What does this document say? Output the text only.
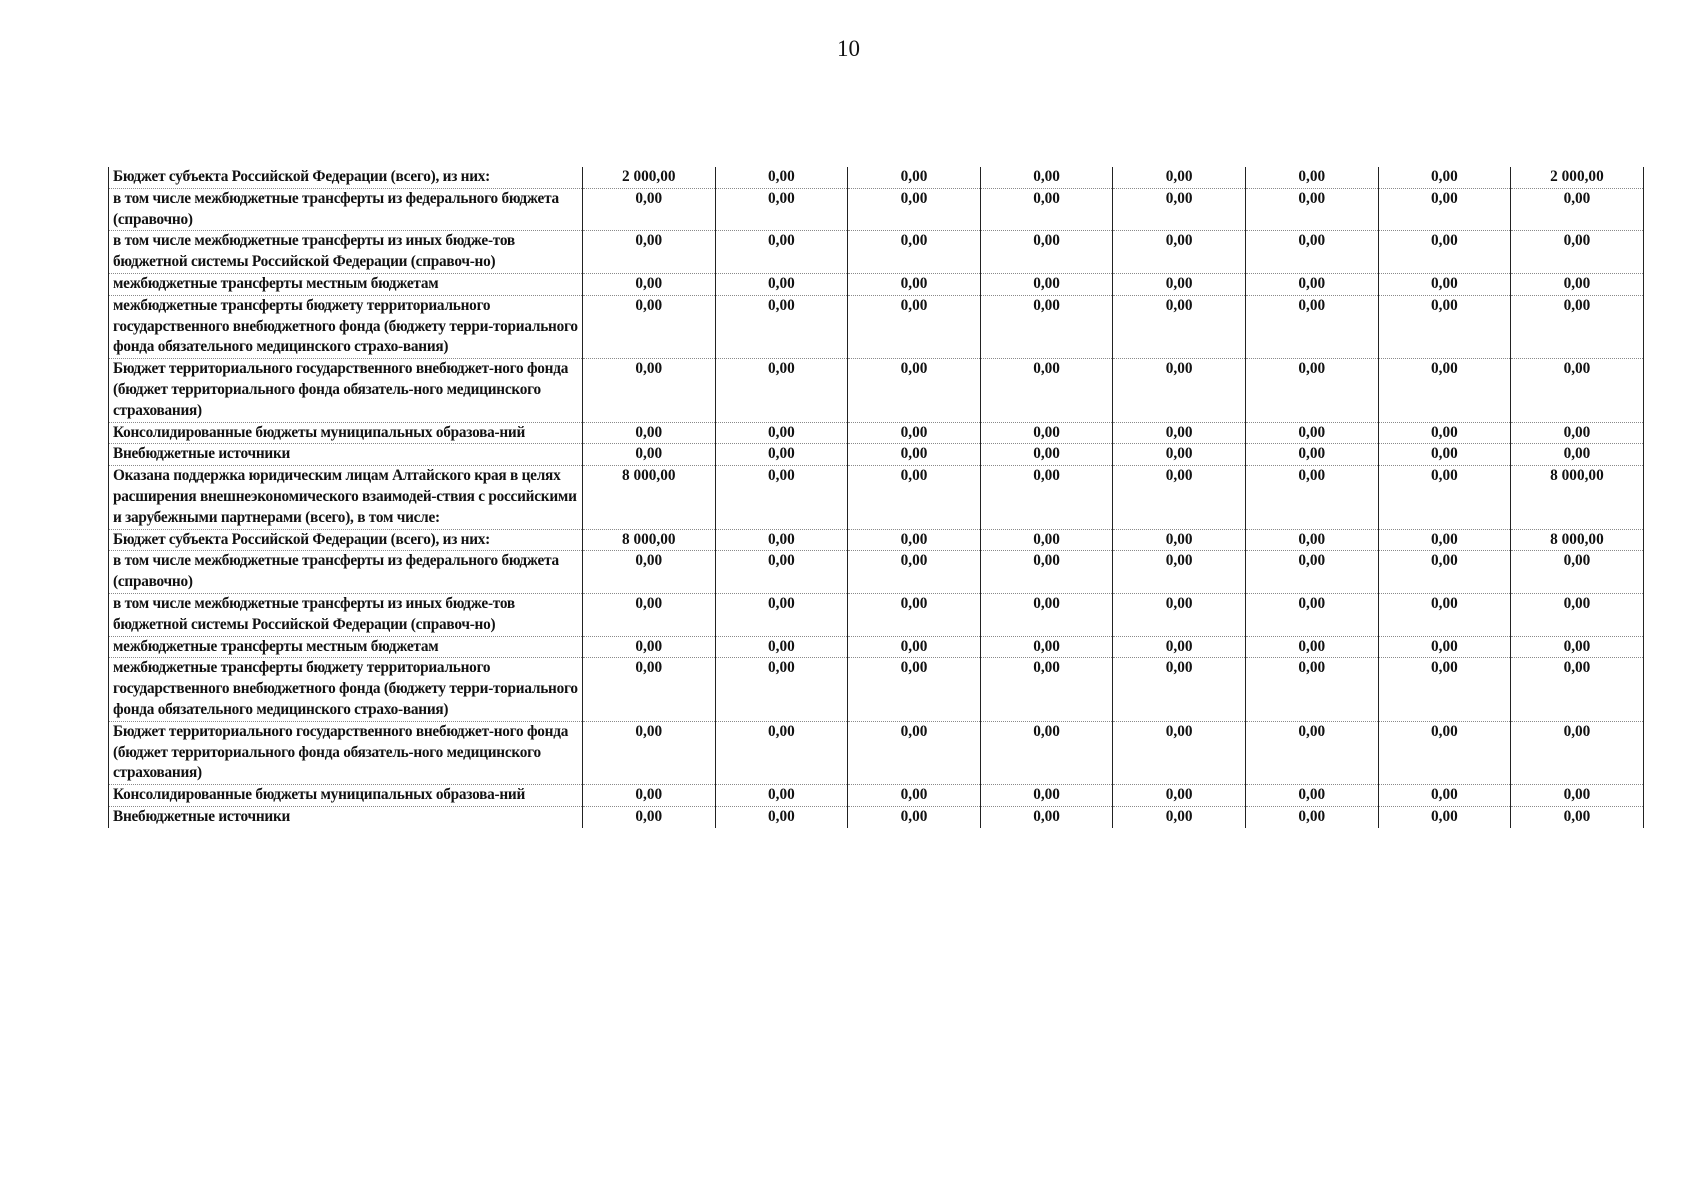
10
Бюджет субъекта Российской Федерации (всего), из них:	2 000,00	0,00	0,00	0,00	0,00	0,00	0,00	2 000,00
в том числе межбюджетные трансферты из федерального бюджета (справочно)	0,00	0,00	0,00	0,00	0,00	0,00	0,00	0,00
в том числе межбюджетные трансферты из иных бюдже-тов бюджетной системы Российской Федерации (справоч-но)	0,00	0,00	0,00	0,00	0,00	0,00	0,00	0,00
межбюджетные трансферты местным бюджетам	0,00	0,00	0,00	0,00	0,00	0,00	0,00	0,00
межбюджетные трансферты бюджету территориального государственного внебюджетного фонда (бюджету терри-ториального фонда обязательного медицинского страхо-вания)	0,00	0,00	0,00	0,00	0,00	0,00	0,00	0,00
Бюджет территориального государственного внебюджет-ного фонда (бюджет территориального фонда обязатель-ного медицинского страхования)	0,00	0,00	0,00	0,00	0,00	0,00	0,00	0,00
Консолидированные бюджеты муниципальных образова-ний	0,00	0,00	0,00	0,00	0,00	0,00	0,00	0,00
Внебюджетные источники	0,00	0,00	0,00	0,00	0,00	0,00	0,00	0,00
Оказана поддержка юридическим лицам Алтайского края в целях расширения внешнеэкономического взаимодей-ствия с российскими и зарубежными партнерами (всего), в том числе:	8 000,00	0,00	0,00	0,00	0,00	0,00	0,00	8 000,00
Бюджет субъекта Российской Федерации (всего), из них:	8 000,00	0,00	0,00	0,00	0,00	0,00	0,00	8 000,00
в том числе межбюджетные трансферты из федерального бюджета (справочно)	0,00	0,00	0,00	0,00	0,00	0,00	0,00	0,00
в том числе межбюджетные трансферты из иных бюдже-тов бюджетной системы Российской Федерации (справоч-но)	0,00	0,00	0,00	0,00	0,00	0,00	0,00	0,00
межбюджетные трансферты местным бюджетам	0,00	0,00	0,00	0,00	0,00	0,00	0,00	0,00
межбюджетные трансферты бюджету территориального государственного внебюджетного фонда (бюджету терри-ториального фонда обязательного медицинского страхо-вания)	0,00	0,00	0,00	0,00	0,00	0,00	0,00	0,00
Бюджет территориального государственного внебюджет-ного фонда (бюджет территориального фонда обязатель-ного медицинского страхования)	0,00	0,00	0,00	0,00	0,00	0,00	0,00	0,00
Консолидированные бюджеты муниципальных образова-ний	0,00	0,00	0,00	0,00	0,00	0,00	0,00	0,00
Внебюджетные источники	0,00	0,00	0,00	0,00	0,00	0,00	0,00	0,00
